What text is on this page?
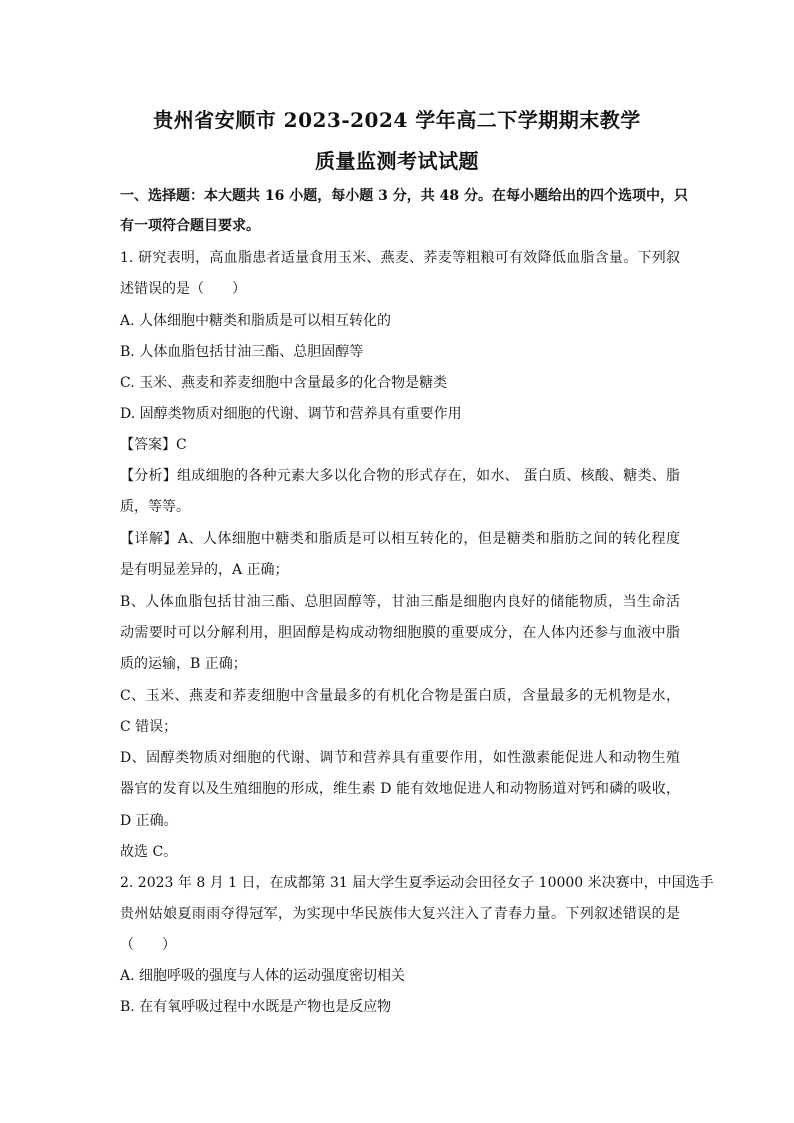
贵州省安顺市 2023-2024 学年高二下学期期末教学
质量监测考试试题
一、选择题：本大题共 16 小题，每小题 3 分，共 48 分。在每小题给出的四个选项中，只
有一项符合题目要求。
1. 研究表明，高血脂患者适量食用玉米、燕麦、荞麦等粗粮可有效降低血脂含量。下列叙
述错误的是（　　）
A. 人体细胞中糖类和脂质是可以相互转化的
B. 人体血脂包括甘油三酯、总胆固醇等
C. 玉米、燕麦和荞麦细胞中含量最多的化合物是糖类
D. 固醇类物质对细胞的代谢、调节和营养具有重要作用
【答案】C
【分析】组成细胞的各种元素大多以化合物的形式存在，如水、 蛋白质、核酸、糖类、脂
质，等等。
【详解】A、人体细胞中糖类和脂质是可以相互转化的，但是糖类和脂肪之间的转化程度
是有明显差异的，A 正确；
B、人体血脂包括甘油三酯、总胆固醇等，甘油三酯是细胞内良好的储能物质，当生命活
动需要时可以分解利用，胆固醇是构成动物细胞膜的重要成分，在人体内还参与血液中脂
质的运输，B 正确；
C、玉米、燕麦和荞麦细胞中含量最多的有机化合物是蛋白质，含量最多的无机物是水，
C 错误；
D、固醇类物质对细胞的代谢、调节和营养具有重要作用，如性激素能促进人和动物生殖
器官的发育以及生殖细胞的形成，维生素 D 能有效地促进人和动物肠道对钙和磷的吸收，
D 正确。
故选 C。
2. 2023 年 8 月 1 日，在成都第 31 届大学生夏季运动会田径女子 10000 米决赛中，中国选手
贵州姑娘夏雨雨夺得冠军，为实现中华民族伟大复兴注入了青春力量。下列叙述错误的是
（　　）
A. 细胞呼吸的强度与人体的运动强度密切相关
B. 在有氧呼吸过程中水既是产物也是反应物
